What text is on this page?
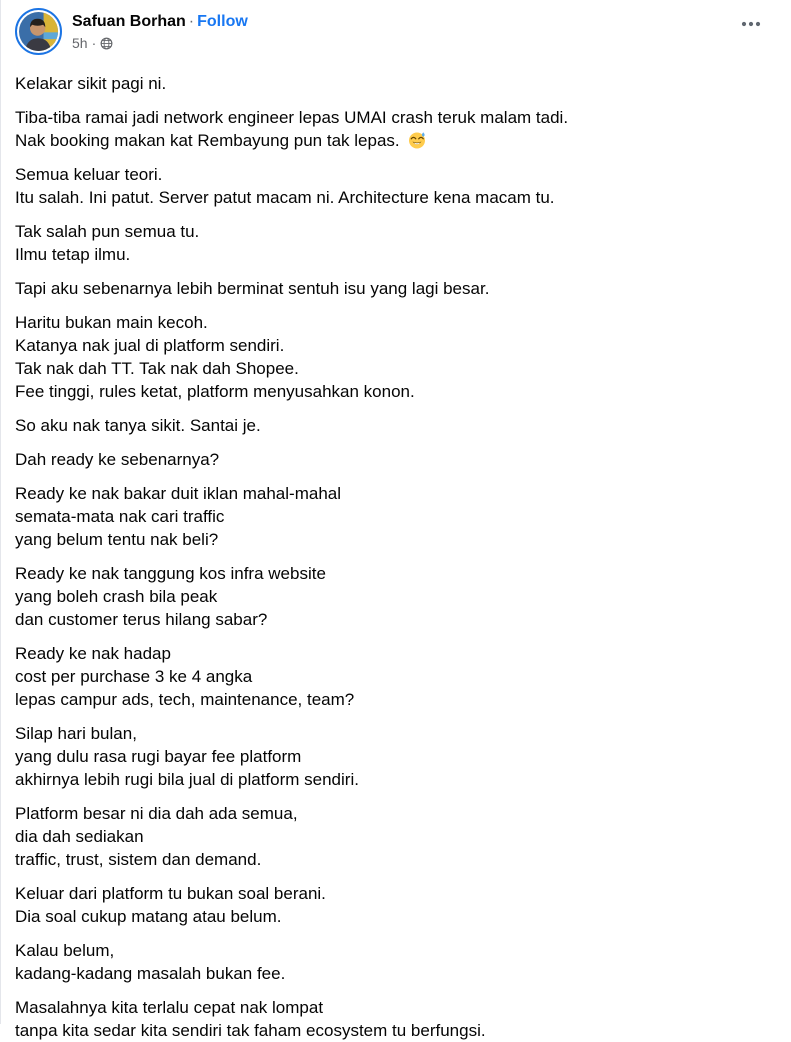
Safuan Borhan · Follow
5h ·
Kelakar sikit pagi ni.
Tiba-tiba ramai jadi network engineer lepas UMAI crash teruk malam tadi.
Nak booking makan kat Rembayung pun tak lepas.
Semua keluar teori.
Itu salah. Ini patut. Server patut macam ni. Architecture kena macam tu.
Tak salah pun semua tu.
Ilmu tetap ilmu.
Tapi aku sebenarnya lebih berminat sentuh isu yang lagi besar.
Haritu bukan main kecoh.
Katanya nak jual di platform sendiri.
Tak nak dah TT. Tak nak dah Shopee.
Fee tinggi, rules ketat, platform menyusahkan konon.
So aku nak tanya sikit. Santai je.
Dah ready ke sebenarnya?
Ready ke nak bakar duit iklan mahal-mahal
semata-mata nak cari traffic
yang belum tentu nak beli?
Ready ke nak tanggung kos infra website
yang boleh crash bila peak
dan customer terus hilang sabar?
Ready ke nak hadap
cost per purchase 3 ke 4 angka
lepas campur ads, tech, maintenance, team?
Silap hari bulan,
yang dulu rasa rugi bayar fee platform
akhirnya lebih rugi bila jual di platform sendiri.
Platform besar ni dia dah ada semua,
dia dah sediakan
traffic, trust, sistem dan demand.
Keluar dari platform tu bukan soal berani.
Dia soal cukup matang atau belum.
Kalau belum,
kadang-kadang masalah bukan fee.
Masalahnya kita terlalu cepat nak lompat
tanpa kita sedar kita sendiri tak faham ecosystem tu berfungsi.
